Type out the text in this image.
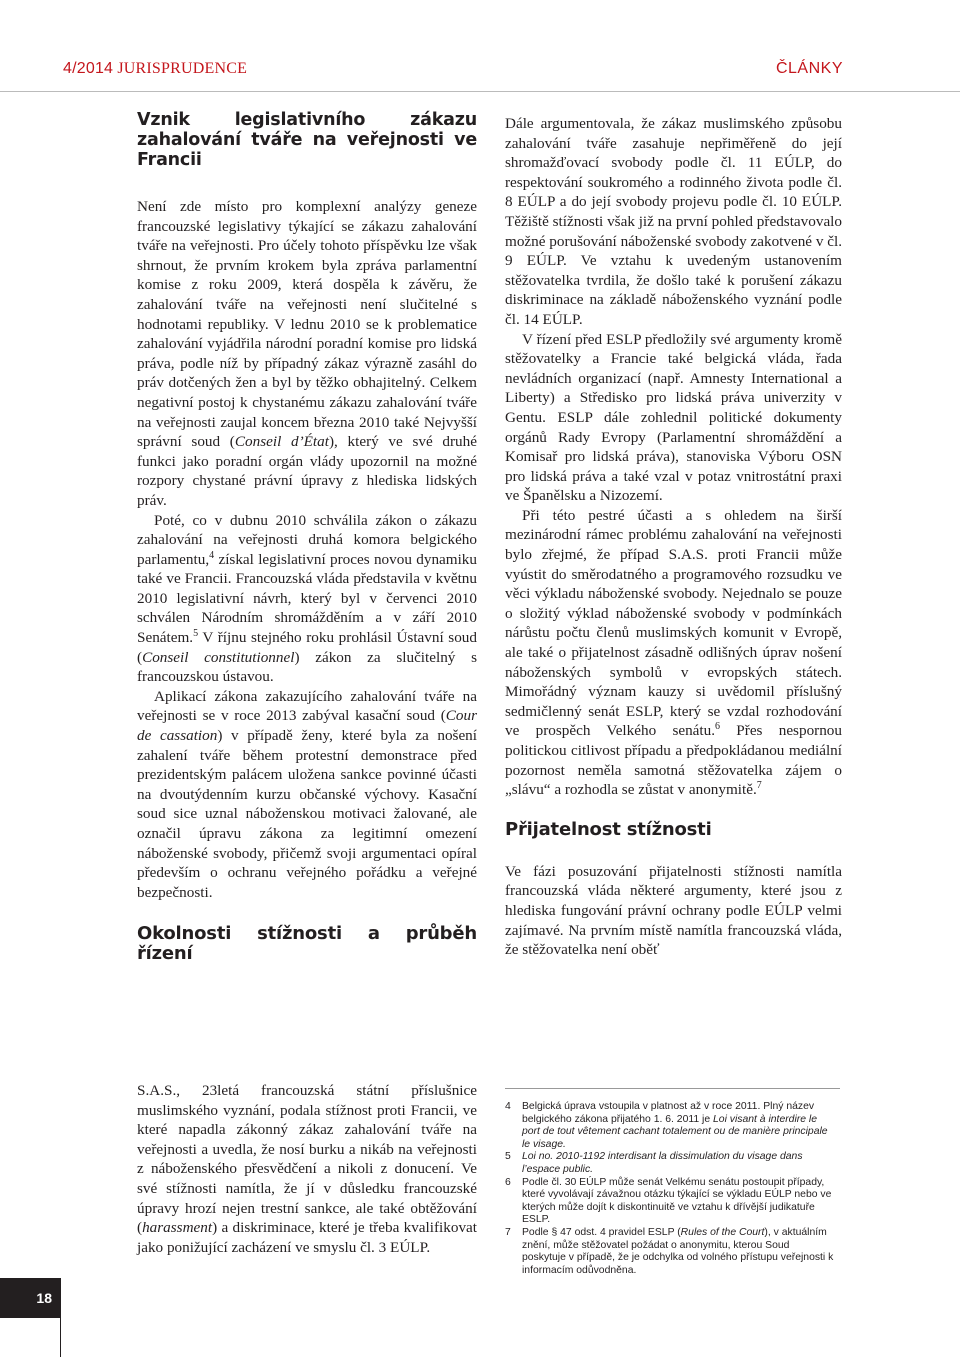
4/2014 JURISPRUDENCE	ČLÁNKY
Vznik legislativního zákazu zahalování tváře na veřejnosti ve Francii

Není zde místo pro komplexní analýzy geneze francouzské legislativy týkající se zákazu zahalování tváře na veřejnosti. Pro účely tohoto příspěvku lze však shrnout, že prvním krokem byla zpráva parlamentní komise z roku 2009, která dospěla k závěru, že zahalování tváře na veřejnosti není slučitelné s hodnotami republiky. V lednu 2010 se k problematice zahalování vyjádřila národní poradní komise pro lidská práva, podle níž by případný zákaz výrazně zasáhl do práv dotčených žen a byl by těžko obhajitelný. Celkem negativní postoj k chystanému zákazu zahalování tváře na veřejnosti zaujal koncem března 2010 také Nejvyšší správní soud (Conseil d’État), který ve své druhé funkci jako poradní orgán vlády upozornil na možné rozpory chystané právní úpravy z hlediska lidských práv.

Poté, co v dubnu 2010 schválila zákon o zákazu zahalování na veřejnosti druhá komora belgického parlamentu,$^4$ získal legislativní proces novou dynamiku také ve Francii. Francouzská vláda představila v květnu 2010 legislativní návrh, který byl v červenci 2010 schválen Národním shromážděním a v září 2010 Senátem.$^5$ V říjnu stejného roku prohlásil Ústavní soud (Conseil constitutionnel) zákon za slučitelný s francouzskou ústavou.

Aplikací zákona zakazujícího zahalování tváře na veřejnosti se v roce 2013 zabýval kasační soud (Cour de cassation) v případě ženy, které byla za nošení zahalení tváře během protestní demonstrace před prezidentským palácem uložena sankce povinné účasti na dvoutýdenním kurzu občanské výchovy. Kasační soud sice uznal náboženskou motivaci žalované, ale označil úpravu zákona za legitimní omezení náboženské svobody, přičemž svoji argumentaci opíral především o ochranu veřejného pořádku a veřejné bezpečnosti.

Okolnosti stížnosti a průběh řízení

S.A.S., 23letá francouzská státní příslušnice muslimského vyznání, podala stížnost proti Francii, ve které napadla zákonný zákaz zahalování tváře na veřejnosti a uvedla, že nosí burku a nikáb na veřejnosti z náboženského přesvědčení a nikoli z donucení. Ve své stížnosti namítla, že jí v důsledku francouzské úpravy hrozí nejen trestní sankce, ale také obtěžování (harassment) a diskriminace, které je třeba kvalifikovat jako ponižující zacházení ve smyslu čl. 3 EÚLP.

Dále argumentovala, že zákaz muslimského způsobu zahalování tváře zasahuje nepřiměřeně do její shromažďovací svobody podle čl. 11 EÚLP, do respektování soukromého a rodinného života podle čl. 8 EÚLP a do její svobody projevu podle čl. 10 EÚLP. Těžiště stížnosti však již na první pohled představovalo možné porušování náboženské svobody zakotvené v čl. 9 EÚLP. Ve vztahu k uvedeným ustanovením stěžovatelka tvrdila, že došlo také k porušení zákazu diskriminace na základě náboženského vyznání podle čl. 14 EÚLP.

V řízení před ESLP předložily své argumenty kromě stěžovatelky a Francie také belgická vláda, řada nevládních organizací (např. Amnesty International a Liberty) a Středisko pro lidská práva univerzity v Gentu. ESLP dále zohlednil politické dokumenty orgánů Rady Evropy (Parlamentní shromáždění a Komisař pro lidská práva), stanoviska Výboru OSN pro lidská práva a také vzal v potaz vnitrostátní praxi ve Španělsku a Nizozemí.

Při této pestré účasti a s ohledem na širší mezinárodní rámec problému zahalování na veřejnosti bylo zřejmé, že případ S.A.S. proti Francii může vyústit do směrodatného a programového rozsudku ve věci výkladu náboženské svobody. Nejednalo se pouze o složitý výklad náboženské svobody v podmínkách nárůstu počtu členů muslimských komunit v Evropě, ale také o přijatelnost zásadně odlišných úprav nošení náboženských symbolů v evropských státech. Mimořádný význam kauzy si uvědomil příslušný sedmičlenný senát ESLP, který se vzdal rozhodování ve prospěch Velkého senátu.$^6$ Přes nespornou politickou citlivost případu a předpokládanou mediální pozornost neměla samotná stěžovatelka zájem o „slávu“ a rozhodla se zůstat v anonymitě.$^7$

Přijatelnost stížnosti

Ve fázi posuzování přijatelnosti stížnosti namítla francouzská vláda některé argumenty, které jsou z hlediska fungování právní ochrany podle EÚLP velmi zajímavé. Na prvním místě namítla francouzská vláda, že stěžovatelka není oběť

4 Belgická úprava vstoupila v platnost až v roce 2011. Plný název belgického zákona přijatého 1. 6. 2011 je Loi visant à interdire le port de tout vêtement cachant totalement ou de manière principale le visage.

5 Loi no. 2010-1192 interdisant la dissimulation du visage dans l’espace public.

6 Podle čl. 30 EÚLP může senát Velkému senátu postoupit případy, které vyvolávají závažnou otázku týkající se výkladu EÚLP nebo ve kterých může dojít k diskontinuitě ve vztahu k dřívější judikatuře ESLP.

7 Podle § 47 odst. 4 pravidel ESLP (Rules of the Court), v aktuálním znění, může stěžovatel požádat o anonymitu, kterou Soud poskytuje v případě, že je odchylka od volného přístupu veřejnosti k informacím odůvodněna.

18
